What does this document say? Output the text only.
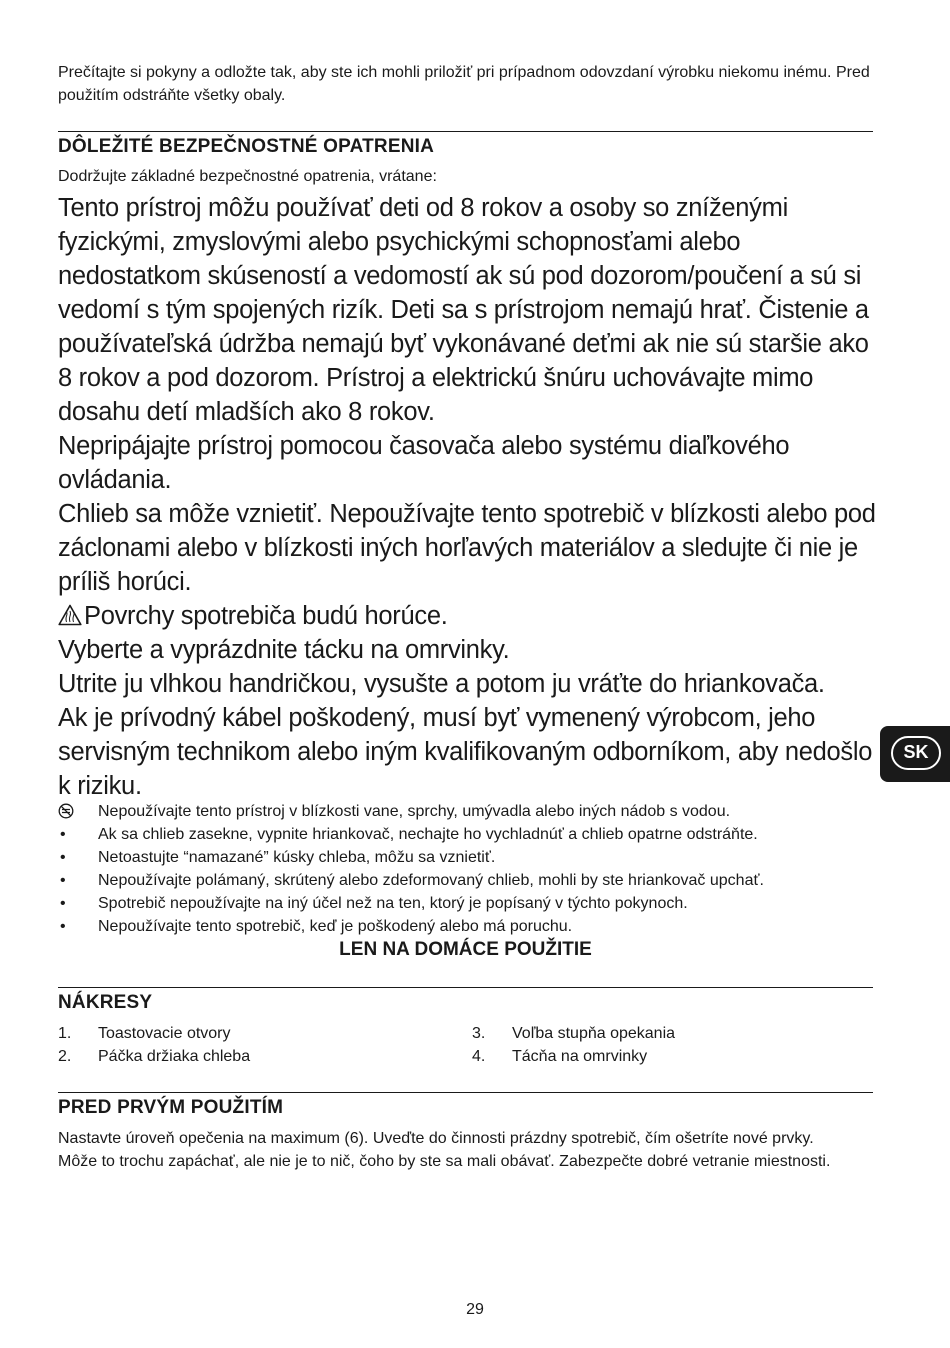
Prečítajte si pokyny a odložte tak, aby ste ich mohli priložiť pri prípadnom odovzdaní výrobku niekomu inému. Pred použitím odstráňte všetky obaly.
DÔLEŽITÉ BEZPEČNOSTNÉ OPATRENIA
Dodržujte základné bezpečnostné opatrenia, vrátane:

Tento prístroj môžu používať deti od 8 rokov a osoby so zníženými fyzickými, zmyslovými alebo psychickými schopnosťami alebo nedostatkom skúseností a vedomostí ak sú pod dozorom/poučení a sú si vedomí s tým spojených rizík. Deti sa s prístrojom nemajú hrať. Čistenie a používateľská údržba nemajú byť vykonávané deťmi ak nie sú staršie ako 8 rokov a pod dozorom. Prístroj a elektrickú šnúru uchovávajte mimo dosahu detí mladších ako 8 rokov.

Nepripájajte prístroj pomocou časovača alebo systému diaľkového ovládania.

Chlieb sa môže vznietiť. Nepoužívajte tento spotrebič v blízkosti alebo pod záclonami alebo v blízkosti iných horľavých materiálov a sledujte či nie je príliš horúci.

Povrchy spotrebiča budú horúce.

Vyberte a vyprázdnite tácku na omrvinky.

Utrite ju vlhkou handričkou, vysušte a potom ju vráťte do hriankovača.

Ak je prívodný kábel poškodený, musí byť vymenený výrobcom, jeho servisným technikom alebo iným kvalifikovaným odborníkom, aby nedošlo k riziku.

Nepoužívajte tento prístroj v blízkosti vane, sprchy, umývadla alebo iných nádob s vodou.
•	Ak sa chlieb zasekne, vypnite hriankovač, nechajte ho vychladnúť a chlieb opatrne odstráňte.
•	Netoastujte “namazané” kúsky chleba, môžu sa vznietiť.
•	Nepoužívajte polámaný, skrútený alebo zdeformovaný chlieb, mohli by ste hriankovač upchať.
•	Spotrebič nepoužívajte na iný účel než na ten, ktorý je popísaný v týchto pokynoch.
•	Nepoužívajte tento spotrebič, keď je poškodený alebo má poruchu.
LEN NA DOMÁCE POUŽITIE
NÁKRESY
1. Toastovacie otvory
2. Páčka držiaka chleba
3. Voľba stupňa opekania
4. Tácňa na omrvinky
PRED PRVÝM POUŽITÍM
Nastavte úroveň opečenia na maximum (6). Uveďte do činnosti prázdny spotrebič, čím ošetríte nové prvky. Môže to trochu zapáchať, ale nie je to nič, čoho by ste sa mali obávať. Zabezpečte dobré vetranie miestnosti.
29
SK
